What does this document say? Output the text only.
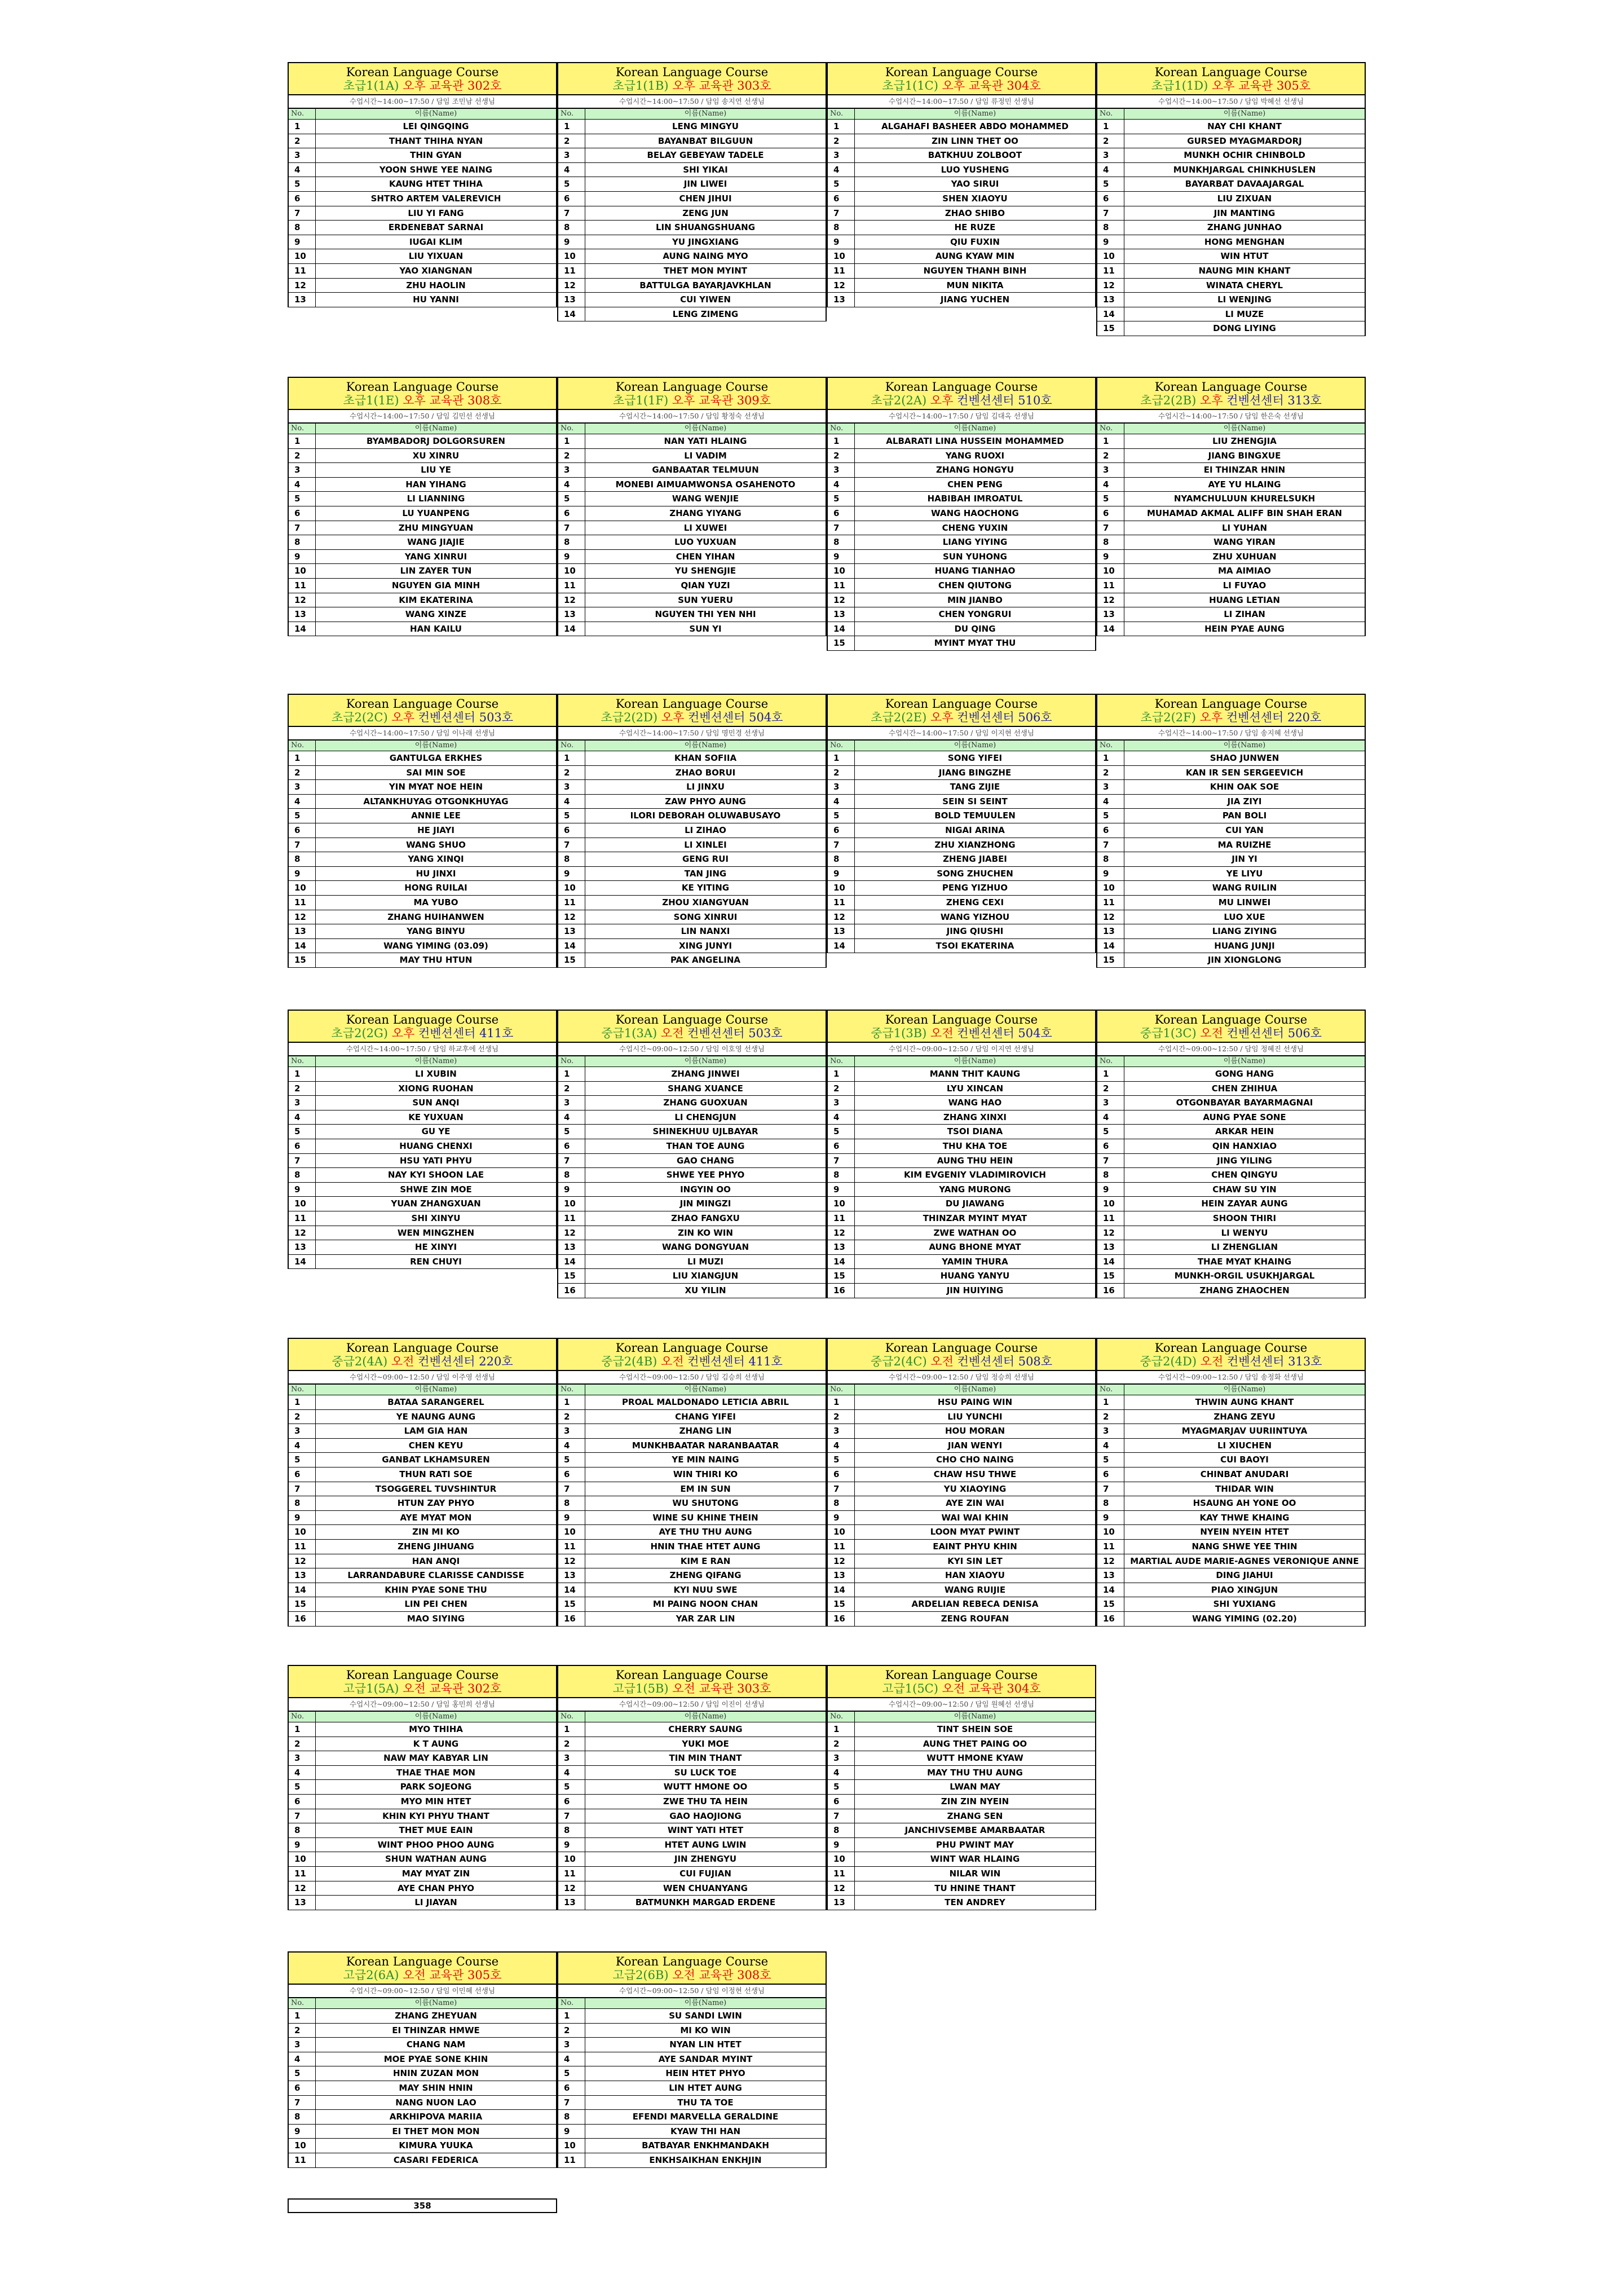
Korean Language Course
초급1(1A) 오후 교육관 302호
수업시간~14:00~17:50 / 담임 조민남 선생님
No.	이름(Name)
1	LEI QINGQING
2	THANT THIHA NYAN
3	THIN GYAN
4	YOON SHWE YEE NAING
5	KAUNG HTET THIHA
6	SHTRO ARTEM VALEREVICH
7	LIU YI FANG
8	ERDENEBAT SARNAI
9	IUGAI KLIM
10	LIU YIXUAN
11	YAO XIANGNAN
12	ZHU HAOLIN
13	HU YANNI
Korean Language Course
초급1(1B) 오후 교육관 303호
수업시간~14:00~17:50 / 담임 송지연 선생님
No.	이름(Name)
1	LENG MINGYU
2	BAYANBAT BILGUUN
3	BELAY GEBEYAW TADELE
4	SHI YIKAI
5	JIN LIWEI
6	CHEN JIHUI
7	ZENG JUN
8	LIN SHUANGSHUANG
9	YU JINGXIANG
10	AUNG NAING MYO
11	THET MON MYINT
12	BATTULGA BAYARJAVKHLAN
13	CUI YIWEN
14	LENG ZIMENG
Korean Language Course
초급1(1C) 오후 교육관 304호
수업시간~14:00~17:50 / 담임 류정민 선생님
No.	이름(Name)
1	ALGAHAFI BASHEER ABDO MOHAMMED
2	ZIN LINN THET OO
3	BATKHUU ZOLBOOT
4	LUO YUSHENG
5	YAO SIRUI
6	SHEN XIAOYU
7	ZHAO SHIBO
8	HE RUZE
9	QIU FUXIN
10	AUNG KYAW MIN
11	NGUYEN THANH BINH
12	MUN NIKITA
13	JIANG YUCHEN
Korean Language Course
초급1(1D) 오후 교육관 305호
수업시간~14:00~17:50 / 담임 박혜선 선생님
No.	이름(Name)
1	NAY CHI KHANT
2	GURSED MYAGMARDORJ
3	MUNKH OCHIR CHINBOLD
4	MUNKHJARGAL CHINKHUSLEN
5	BAYARBAT DAVAAJARGAL
6	LIU ZIXUAN
7	JIN MANTING
8	ZHANG JUNHAO
9	HONG MENGHAN
10	WIN HTUT
11	NAUNG MIN KHANT
12	WINATA CHERYL
13	LI WENJING
14	LI MUZE
15	DONG LIYING
Korean Language Course
초급1(1E) 오후 교육관 308호
수업시간~14:00~17:50 / 담임 김민선 선생님
No.	이름(Name)
1	BYAMBADORJ DOLGORSUREN
2	XU XINRU
3	LIU YE
4	HAN YIHANG
5	LI LIANNING
6	LU YUANPENG
7	ZHU MINGYUAN
8	WANG JIAJIE
9	YANG XINRUI
10	LIN ZAYER TUN
11	NGUYEN GIA MINH
12	KIM EKATERINA
13	WANG XINZE
14	HAN KAILU
Korean Language Course
초급1(1F) 오후 교육관 309호
수업시간~14:00~17:50 / 담임 황정숙 선생님
No.	이름(Name)
1	NAN YATI HLAING
2	LI VADIM
3	GANBAATAR TELMUUN
4	MONEBI AIMUAMWONSA OSAHENOTO
5	WANG WENJIE
6	ZHANG YIYANG
7	LI XUWEI
8	LUO YUXUAN
9	CHEN YIHAN
10	YU SHENGJIE
11	QIAN YUZI
12	SUN YUERU
13	NGUYEN THI YEN NHI
14	SUN YI
Korean Language Course
초급2(2A) 오후 컨벤션센터 510호
수업시간~14:00~17:50 / 담임 김대옥 선생님
No.	이름(Name)
1	ALBARATI LINA HUSSEIN MOHAMMED
2	YANG RUOXI
3	ZHANG HONGYU
4	CHEN PENG
5	HABIBAH IMROATUL
6	WANG HAOCHONG
7	CHENG YUXIN
8	LIANG YIYING
9	SUN YUHONG
10	HUANG TIANHAO
11	CHEN QIUTONG
12	MIN JIANBO
13	CHEN YONGRUI
14	DU QING
15	MYINT MYAT THU
Korean Language Course
초급2(2B) 오후 컨벤션센터 313호
수업시간~14:00~17:50 / 담임 한은숙 선생님
No.	이름(Name)
1	LIU ZHENGJIA
2	JIANG BINGXUE
3	EI THINZAR HNIN
4	AYE YU HLAING
5	NYAMCHULUUN KHURELSUKH
6	MUHAMAD AKMAL ALIFF BIN SHAH ERAN
7	LI YUHAN
8	WANG YIRAN
9	ZHU XUHUAN
10	MA AIMIAO
11	LI FUYAO
12	HUANG LETIAN
13	LI ZIHAN
14	HEIN PYAE AUNG
Korean Language Course
초급2(2C) 오후 컨벤션센터 503호
수업시간~14:00~17:50 / 담임 이나래 선생님
No.	이름(Name)
1	GANTULGA ERKHES
2	SAI MIN SOE
3	YIN MYAT NOE HEIN
4	ALTANKHUYAG OTGONKHUYAG
5	ANNIE LEE
6	HE JIAYI
7	WANG SHUO
8	YANG XINQI
9	HU JINXI
10	HONG RUILAI
11	MA YUBO
12	ZHANG HUIHANWEN
13	YANG BINYU
14	WANG YIMING (03.09)
15	MAY THU HTUN
Korean Language Course
초급2(2D) 오후 컨벤션센터 504호
수업시간~14:00~17:50 / 담임 명민경 선생님
No.	이름(Name)
1	KHAN SOFIIA
2	ZHAO BORUI
3	LI JINXU
4	ZAW PHYO AUNG
5	ILORI DEBORAH OLUWABUSAYO
6	LI ZIHAO
7	LI XINLEI
8	GENG RUI
9	TAN JING
10	KE YITING
11	ZHOU XIANGYUAN
12	SONG XINRUI
13	LIN NANXI
14	XING JUNYI
15	PAK ANGELINA
Korean Language Course
초급2(2E) 오후 컨벤션센터 506호
수업시간~14:00~17:50 / 담임 이지현 선생님
No.	이름(Name)
1	SONG YIFEI
2	JIANG BINGZHE
3	TANG ZIJIE
4	SEIN SI SEINT
5	BOLD TEMUULEN
6	NIGAI ARINA
7	ZHU XIANZHONG
8	ZHENG JIABEI
9	SONG ZHUCHEN
10	PENG YIZHUO
11	ZHENG CEXI
12	WANG YIZHOU
13	JING QIUSHI
14	TSOI EKATERINA
Korean Language Course
초급2(2F) 오후 컨벤션센터 220호
수업시간~14:00~17:50 / 담임 송지혜 선생님
No.	이름(Name)
1	SHAO JUNWEN
2	KAN IR SEN SERGEEVICH
3	KHIN OAK SOE
4	JIA ZIYI
5	PAN BOLI
6	CUI YAN
7	MA RUIZHE
8	JIN YI
9	YE LIYU
10	WANG RUILIN
11	MU LINWEI
12	LUO XUE
13	LIANG ZIYING
14	HUANG JUNJI
15	JIN XIONGLONG
Korean Language Course
초급2(2G) 오후 컨벤션센터 411호
수업시간~14:00~17:50 / 담임 하교후에 선생님
No.	이름(Name)
1	LI XUBIN
2	XIONG RUOHAN
3	SUN ANQI
4	KE YUXUAN
5	GU YE
6	HUANG CHENXI
7	HSU YATI PHYU
8	NAY KYI SHOON LAE
9	SHWE ZIN MOE
10	YUAN ZHANGXUAN
11	SHI XINYU
12	WEN MINGZHEN
13	HE XINYI
14	REN CHUYI
Korean Language Course
중급1(3A) 오전 컨벤션센터 503호
수업시간~09:00~12:50 / 담임 이호영 선생님
No.	이름(Name)
1	ZHANG JINWEI
2	SHANG XUANCE
3	ZHANG GUOXUAN
4	LI CHENGJUN
5	SHINEKHUU UJLBAYAR
6	THAN TOE AUNG
7	GAO CHANG
8	SHWE YEE PHYO
9	INGYIN OO
10	JIN MINGZI
11	ZHAO FANGXU
12	ZIN KO WIN
13	WANG DONGYUAN
14	LI MUZI
15	LIU XIANGJUN
16	XU YILIN
Korean Language Course
중급1(3B) 오전 컨벤션센터 504호
수업시간~09:00~12:50 / 담임 이지연 선생님
No.	이름(Name)
1	MANN THIT KAUNG
2	LYU XINCAN
3	WANG HAO
4	ZHANG XINXI
5	TSOI DIANA
6	THU KHA TOE
7	AUNG THU HEIN
8	KIM EVGENIY VLADIMIROVICH
9	YANG MURONG
10	DU JIAWANG
11	THINZAR MYINT MYAT
12	ZWE WATHAN OO
13	AUNG BHONE MYAT
14	YAMIN THURA
15	HUANG YANYU
16	JIN HUIYING
Korean Language Course
중급1(3C) 오전 컨벤션센터 506호
수업시간~09:00~12:50 / 담임 정혜진 선생님
No.	이름(Name)
1	GONG HANG
2	CHEN ZHIHUA
3	OTGONBAYAR BAYARMAGNAI
4	AUNG PYAE SONE
5	ARKAR HEIN
6	QIN HANXIAO
7	JING YILING
8	CHEN QINGYU
9	CHAW SU YIN
10	HEIN ZAYAR AUNG
11	SHOON THIRI
12	LI WENYU
13	LI ZHENGLIAN
14	THAE MYAT KHAING
15	MUNKH-ORGIL USUKHJARGAL
16	ZHANG ZHAOCHEN
Korean Language Course
중급2(4A) 오전 컨벤션센터 220호
수업시간~09:00~12:50 / 담임 이주영 선생님
No.	이름(Name)
1	BATAA SARANGEREL
2	YE NAUNG AUNG
3	LAM GIA HAN
4	CHEN KEYU
5	GANBAT LKHAMSUREN
6	THUN RATI SOE
7	TSOGGEREL TUVSHINTUR
8	HTUN ZAY PHYO
9	AYE MYAT MON
10	ZIN MI KO
11	ZHENG JIHUANG
12	HAN ANQI
13	LARRANDABURE CLARISSE CANDISSE
14	KHIN PYAE SONE THU
15	LIN PEI CHEN
16	MAO SIYING
Korean Language Course
중급2(4B) 오전 컨벤션센터 411호
수업시간~09:00~12:50 / 담임 김승희 선생님
No.	이름(Name)
1	PROAL MALDONADO LETICIA ABRIL
2	CHANG YIFEI
3	ZHANG LIN
4	MUNKHBAATAR NARANBAATAR
5	YE MIN NAING
6	WIN THIRI KO
7	EM IN SUN
8	WU SHUTONG
9	WINE SU KHINE THEIN
10	AYE THU THU AUNG
11	HNIN THAE HTET AUNG
12	KIM E RAN
13	ZHENG QIFANG
14	KYI NUU SWE
15	MI PAING NOON CHAN
16	YAR ZAR LIN
Korean Language Course
중급2(4C) 오전 컨벤션센터 508호
수업시간~09:00~12:50 / 담임 정승희 선생님
No.	이름(Name)
1	HSU PAING WIN
2	LIU YUNCHI
3	HOU MORAN
4	JIAN WENYI
5	CHO CHO NAING
6	CHAW HSU THWE
7	YU XIAOYING
8	AYE ZIN WAI
9	WAI WAI KHIN
10	LOON MYAT PWINT
11	EAINT PHYU KHIN
12	KYI SIN LET
13	HAN XIAOYU
14	WANG RUIJIE
15	ARDELIAN REBECA DENISA
16	ZENG ROUFAN
Korean Language Course
중급2(4D) 오전 컨벤션센터 313호
수업시간~09:00~12:50 / 담임 송정화 선생님
No.	이름(Name)
1	THWIN AUNG KHANT
2	ZHANG ZEYU
3	MYAGMARJAV UURIINTUYA
4	LI XIUCHEN
5	CUI BAOYI
6	CHINBAT ANUDARI
7	THIDAR WIN
8	HSAUNG AH YONE OO
9	KAY THWE KHAING
10	NYEIN NYEIN HTET
11	NANG SHWE YEE THIN
12	MARTIAL AUDE MARIE-AGNES VERONIQUE ANNE
13	DING JIAHUI
14	PIAO XINGJUN
15	SHI YUXIANG
16	WANG YIMING (02.20)
Korean Language Course
고급1(5A) 오전 교육관 302호
수업시간~09:00~12:50 / 담임 홍민희 선생님
No.	이름(Name)
1	MYO THIHA
2	K T AUNG
3	NAW MAY KABYAR LIN
4	THAE THAE MON
5	PARK SOJEONG
6	MYO MIN HTET
7	KHIN KYI PHYU THANT
8	THET MUE EAIN
9	WINT PHOO PHOO AUNG
10	SHUN WATHAN AUNG
11	MAY MYAT ZIN
12	AYE CHAN PHYO
13	LI JIAYAN
Korean Language Course
고급1(5B) 오전 교육관 303호
수업시간~09:00~12:50 / 담임 이진이 선생님
No.	이름(Name)
1	CHERRY SAUNG
2	YUKI MOE
3	TIN MIN THANT
4	SU LUCK TOE
5	WUTT HMONE OO
6	ZWE THU TA HEIN
7	GAO HAOJIONG
8	WINT YATI HTET
9	HTET AUNG LWIN
10	JIN ZHENGYU
11	CUI FUJIAN
12	WEN CHUANYANG
13	BATMUNKH MARGAD ERDENE
Korean Language Course
고급1(5C) 오전 교육관 304호
수업시간~09:00~12:50 / 담임 원혜선 선생님
No.	이름(Name)
1	TINT SHEIN SOE
2	AUNG THET PAING OO
3	WUTT HMONE KYAW
4	MAY THU THU AUNG
5	LWAN MAY
6	ZIN ZIN NYEIN
7	ZHANG SEN
8	JANCHIVSEMBE AMARBAATAR
9	PHU PWINT MAY
10	WINT WAR HLAING
11	NILAR WIN
12	TU HNINE THANT
13	TEN ANDREY
Korean Language Course
고급2(6A) 오전 교육관 305호
수업시간~09:00~12:50 / 담임 이민혜 선생님
No.	이름(Name)
1	ZHANG ZHEYUAN
2	EI THINZAR HMWE
3	CHANG NAM
4	MOE PYAE SONE KHIN
5	HNIN ZUZAN MON
6	MAY SHIN HNIN
7	NANG NUON LAO
8	ARKHIPOVA MARIIA
9	EI THET MON MON
10	KIMURA YUUKA
11	CASARI FEDERICA
Korean Language Course
고급2(6B) 오전 교육관 308호
수업시간~09:00~12:50 / 담임 이정현 선생님
No.	이름(Name)
1	SU SANDI LWIN
2	MI KO WIN
3	NYAN LIN HTET
4	AYE SANDAR MYINT
5	HEIN HTET PHYO
6	LIN HTET AUNG
7	THU TA TOE
8	EFENDI MARVELLA GERALDINE
9	KYAW THI HAN
10	BATBAYAR ENKHMANDAKH
11	ENKHSAIKHAN ENKHJIN
358
